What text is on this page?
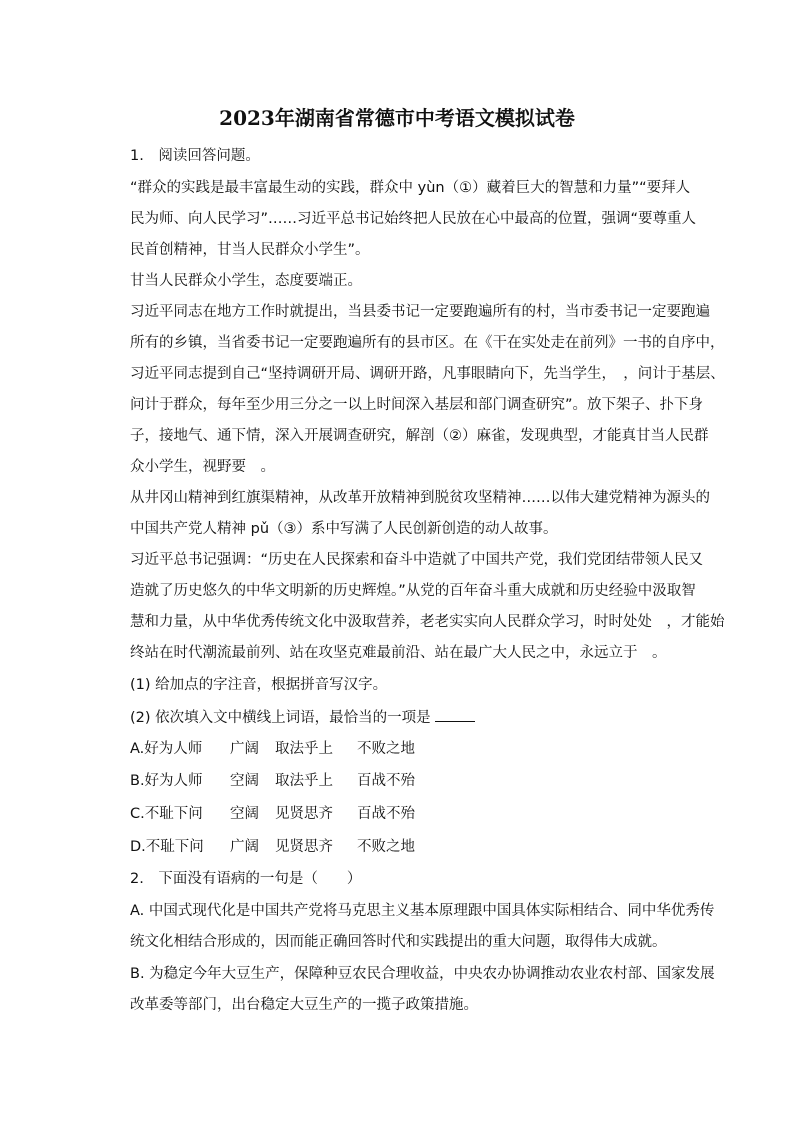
2023年湖南省常德市中考语文模拟试卷

1.　阅读回答问题。

“群众的实践是最丰富最生动的实践，群众中 yùn（①）藏着巨大的智慧和力量”“要拜人

民为师、向人民学习”……习近平总书记始终把人民放在心中最高的位置，强调“要尊重人

民首创精神，甘当人民群众小学生”。

甘当人民群众小学生，态度要端正。

习近平同志在地方工作时就提出，当县委书记一定要跑遍所有的村，当市委书记一定要跑遍

所有的乡镇，当省委书记一定要跑遍所有的县市区。在《干在实处走在前列》一书的自序中，

习近平同志提到自己“坚持调研开局、调研开路，凡事眼睛向下，先当学生，　，问计于基层、

问计于群众，每年至少用三分之一以上时间深入基层和部门调查研究”。放下架子、扑下身

子，接地气、通下情，深入开展调查研究，解剖（②）麻雀，发现典型，才能真甘当人民群

众小学生，视野要　。

从井冈山精神到红旗渠精神，从改革开放精神到脱贫攻坚精神……以伟大建党精神为源头的

中国共产党人精神 pǔ（③）系中写满了人民创新创造的动人故事。

习近平总书记强调：“历史在人民探索和奋斗中造就了中国共产党，我们党团结带领人民又

造就了历史悠久的中华文明新的历史辉煌。”从党的百年奋斗重大成就和历史经验中汲取智

慧和力量，从中华优秀传统文化中汲取营养，老老实实向人民群众学习，时时处处　，才能始

终站在时代潮流最前列、站在攻坚克难最前沿、站在最广大人民之中，永远立于　。

(1) 给加点的字注音，根据拼音写汉字。

(2) 依次填入文中横线上词语，最恰当的一项是

A.好为人师 广阔 取法乎上 不败之地
B.好为人师 空阔 取法乎上 百战不殆
C.不耻下问 空阔 见贤思齐 百战不殆
D.不耻下问 广阔 见贤思齐 不败之地

2.　下面没有语病的一句是（　　）

A. 中国式现代化是中国共产党将马克思主义基本原理跟中国具体实际相结合、同中华优秀传

统文化相结合形成的，因而能正确回答时代和实践提出的重大问题，取得伟大成就。

B. 为稳定今年大豆生产，保障种豆农民合理收益，中央农办协调推动农业农村部、国家发展

改革委等部门，出台稳定大豆生产的一揽子政策措施。
